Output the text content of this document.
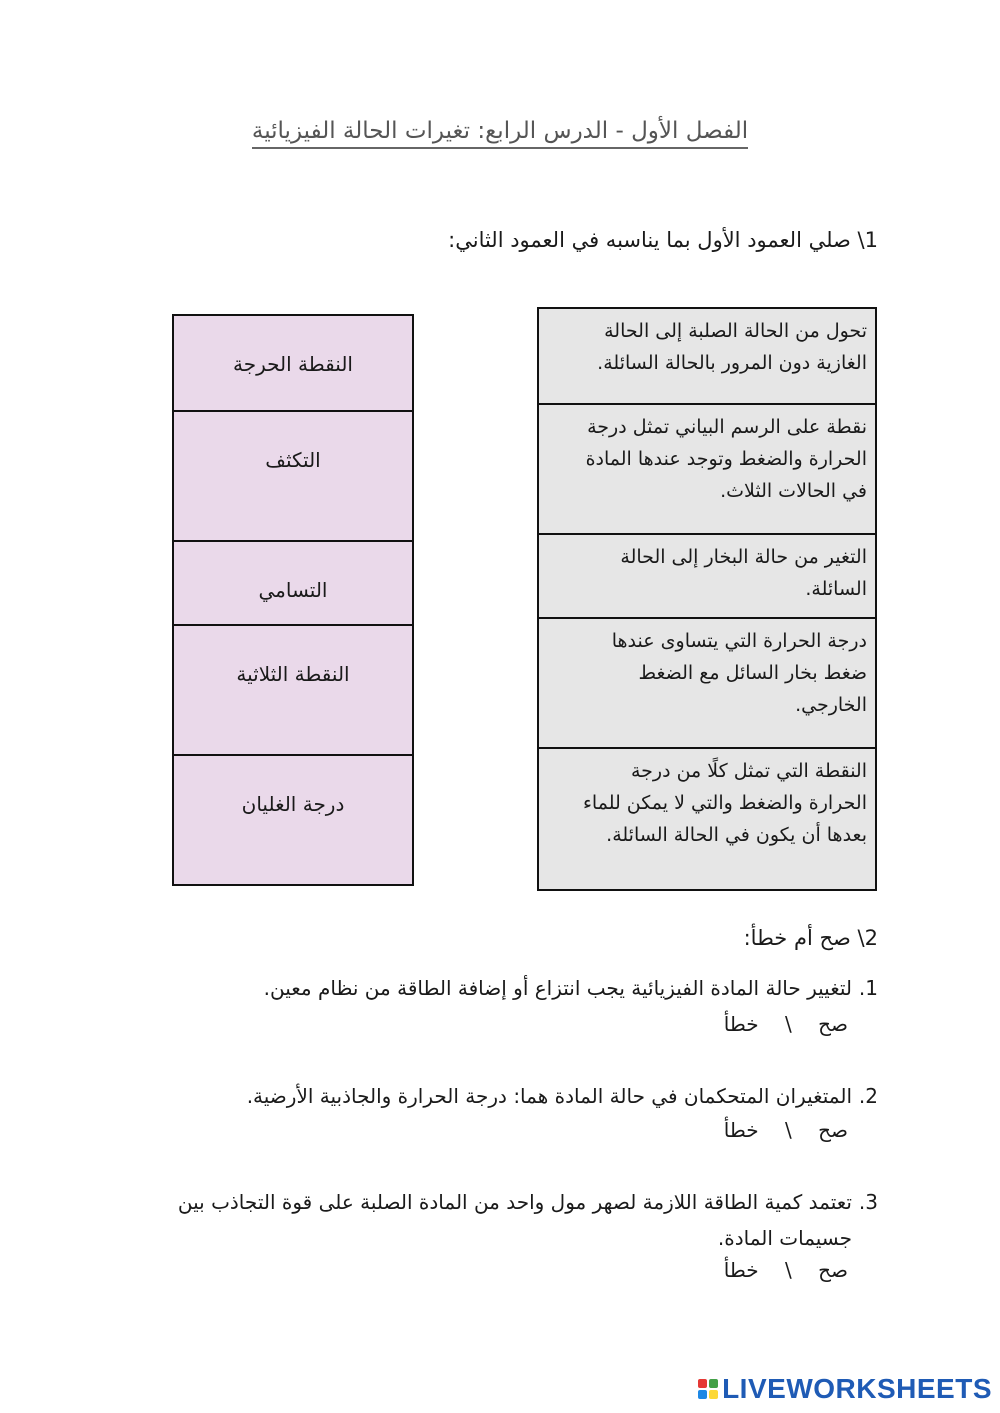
الفصل الأول - الدرس الرابع: تغيرات الحالة الفيزيائية
1\ صلي العمود الأول بما يناسبه في العمود الثاني:
النقطة الحرجة
التكثف
التسامي
النقطة الثلاثية
درجة الغليان
تحول من الحالة الصلبة إلى الحالة
الغازية دون المرور بالحالة السائلة.
نقطة على الرسم البياني تمثل درجة
الحرارة والضغط وتوجد عندها المادة
في الحالات الثلاث.
التغير من حالة البخار إلى الحالة
السائلة.
درجة الحرارة التي يتساوى عندها
ضغط بخار السائل مع الضغط
الخارجي.
النقطة التي تمثل كلًا من درجة
الحرارة والضغط والتي لا يمكن للماء
بعدها أن يكون في الحالة السائلة.
2\ صح أم خطأ:
1.لتغيير حالة المادة الفيزيائية يجب انتزاع أو إضافة الطاقة من نظام معين.
صح \ خطأ
2.المتغيران المتحكمان في حالة المادة هما: درجة الحرارة والجاذبية الأرضية.
صح \ خطأ
3.تعتمد كمية الطاقة اللازمة لصهر مول واحد من المادة الصلبة على قوة التجاذب بين
جسيمات المادة.
صح \ خطأ
LIVEWORKSHEETS
